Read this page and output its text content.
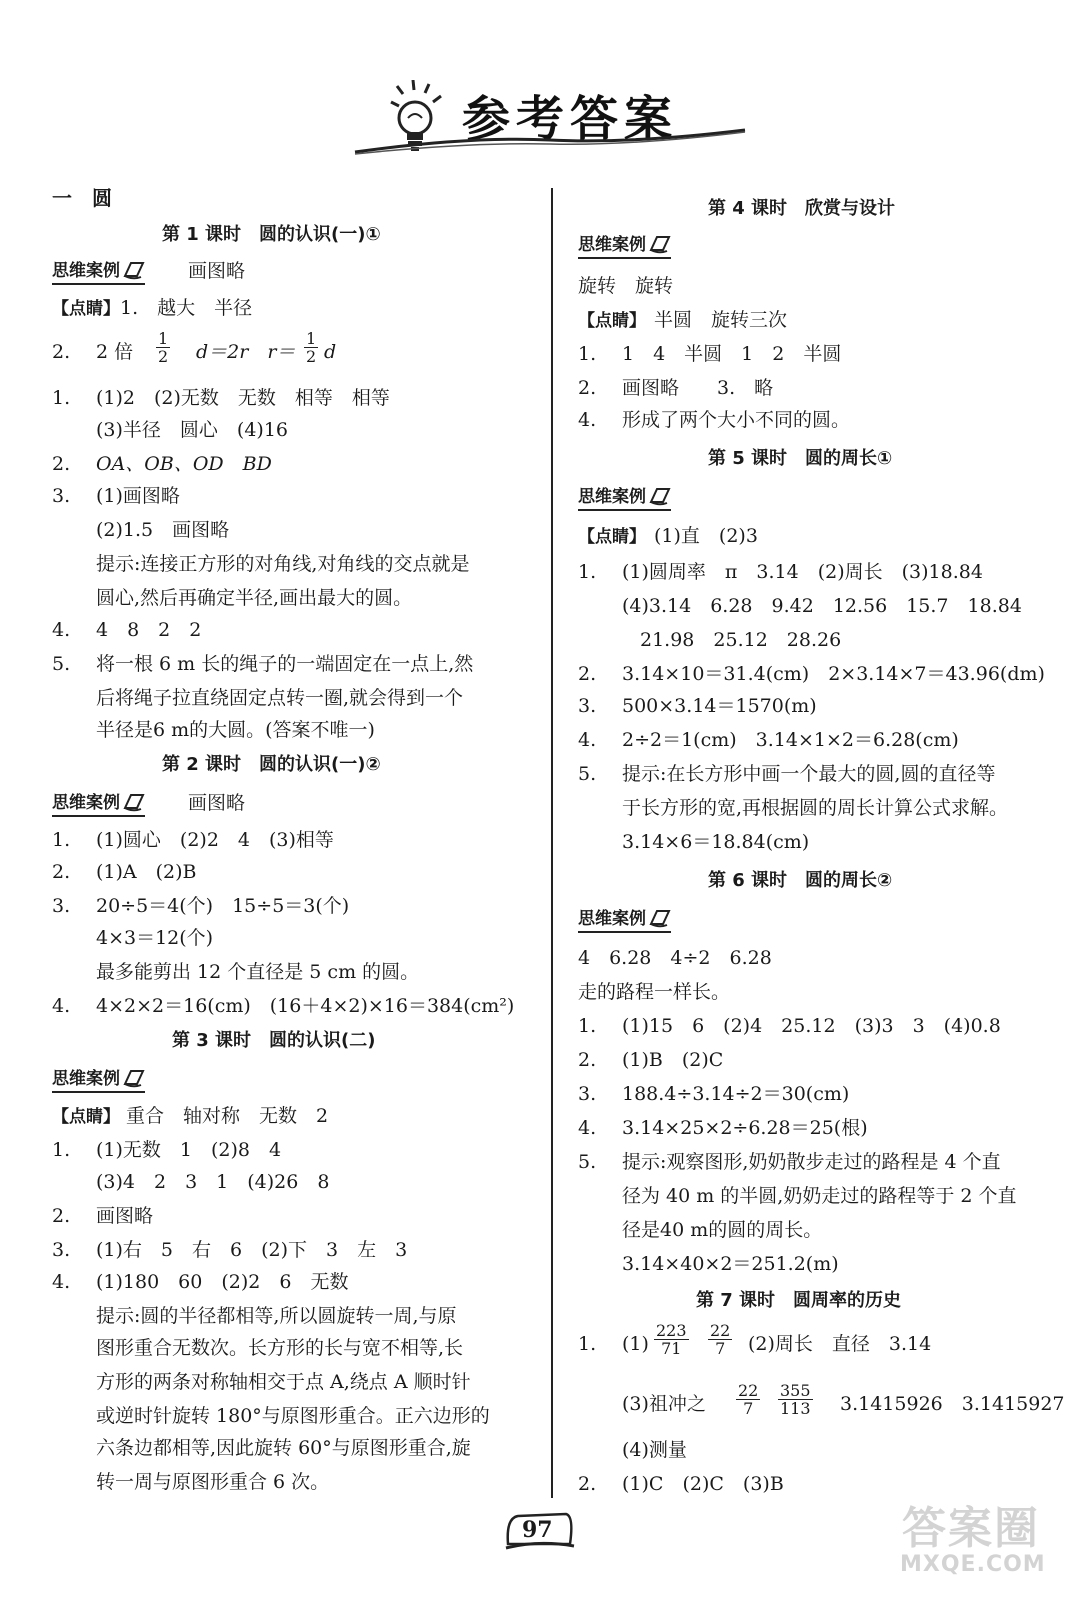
参考答案
一　圆
第 1 课时　圆的认识(一)①
思维案例	画图略
【点睛】1.　越大　半径
2. 2 倍 $\frac{1}{2} d=2r$　$r= \frac{1}{2}$ d
1. (1)2　(2)无数　无数　相等　相等
(3)半径　圆心　(4)16
2. OA、OB、OD　BD
3. (1)画图略
(2)1.5　画图略
提示:连接正方形的对角线,对角线的交点就是
圆心,然后再确定半径,画出最大的圆。
4. 4　8　2　2
5. 将一根 6 m 长的绳子的一端固定在一点上,然
后将绳子拉直绕固定点转一圈,就会得到一个
半径是6 m的大圆。(答案不唯一)
第 2 课时　圆的认识(一)②
思维案例	画图略
1. (1)圆心　(2)2　4　(3)相等
2. (1)A　(2)B
3. 20÷5＝4(个)　15÷5＝3(个)
4×3＝12(个)
最多能剪出 12 个直径是 5 cm 的圆。
4. 4×2×2＝16(cm)　(16＋4×2)×16＝384(cm²)
第 3 课时　圆的认识(二)
思维案例
【点睛】 重合　轴对称　无数　2
1. (1)无数　1　(2)8　4
(3)4　2　3　1　(4)26　8
2. 画图略
3. (1)右　5　右　6　(2)下　3　左　3
4. (1)180　60　(2)2　6　无数
提示:圆的半径都相等,所以圆旋转一周,与原
图形重合无数次。长方形的长与宽不相等,长
方形的两条对称轴相交于点 A,绕点 A 顺时针
或逆时针旋转 180°与原图形重合。正六边形的
六条边都相等,因此旋转 60°与原图形重合,旋
转一周与原图形重合 6 次。
第 4 课时　欣赏与设计
思维案例
旋转　旋转
【点睛】 半圆　旋转三次
1. 1　4　半圆　1　2　半圆
2. 画图略　　3.　略
4. 形成了两个大小不同的圆。
第 5 课时　圆的周长①
思维案例
【点睛】 (1)直　(2)3
1. (1)圆周率　π　3.14　(2)周长　(3)18.84
(4)3.14　6.28　9.42　12.56　15.7　18.84
21.98　25.12　28.26
2. 3.14×10＝31.4(cm)　2×3.14×7＝43.96(dm)
3. 500×3.14＝1570(m)
4. 2÷2＝1(cm)　3.14×1×2＝6.28(cm)
5. 提示:在长方形中画一个最大的圆,圆的直径等
于长方形的宽,再根据圆的周长计算公式求解。
3.14×6＝18.84(cm)
第 6 课时　圆的周长②
思维案例
4　6.28　4÷2　6.28
走的路程一样长。
1. (1)15　6　(2)4　25.12　(3)3　3　(4)0.8
2. (1)B　(2)C
3. 188.4÷3.14÷2＝30(cm)
4. 3.14×25×2÷6.28＝25(根)
5. 提示:观察图形,奶奶散步走过的路程是 4 个直
径为 40 m 的半圆,奶奶走过的路程等于 2 个直
径是40 m的圆的周长。
3.14×40×2＝251.2(m)
第 7 课时　圆周率的历史
1. $(1) \frac{223}{71} \frac{22}{7} (2)$周长　直径　3.14
(3)祖冲之 $\frac{22}{7} \frac{355}{113} 3.1415926$　3.1415927
(4)测量
2. (1)C　(2)C　(3)B
97	答案圈
MXQE.COM
